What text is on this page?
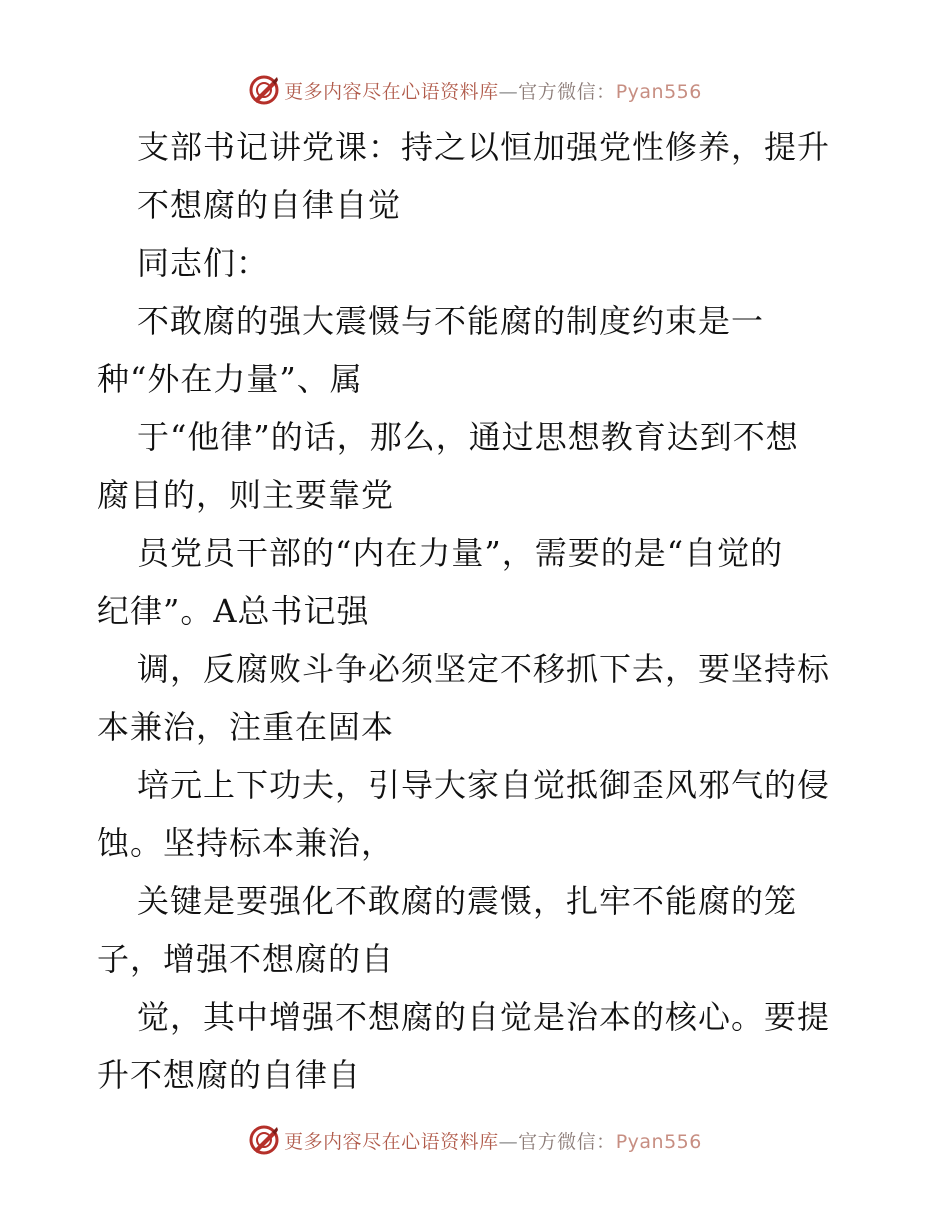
更多内容尽在心语资料库—官方微信：Pyan556
支部书记讲党课：持之以恒加强党性修养，提升
不想腐的自律自觉
同志们：
不敢腐的强大震慑与不能腐的制度约束是一
种“外在力量”、属
于“他律”的话，那么，通过思想教育达到不想
腐目的，则主要靠党
员党员干部的“内在力量”，需要的是“自觉的
纪律”。A总书记强
调，反腐败斗争必须坚定不移抓下去，要坚持标
本兼治，注重在固本
培元上下功夫，引导大家自觉抵御歪风邪气的侵
蚀。坚持标本兼治，
关键是要强化不敢腐的震慑，扎牢不能腐的笼
子，增强不想腐的自
觉，其中增强不想腐的自觉是治本的核心。要提
升不想腐的自律自
更多内容尽在心语资料库—官方微信：Pyan556
